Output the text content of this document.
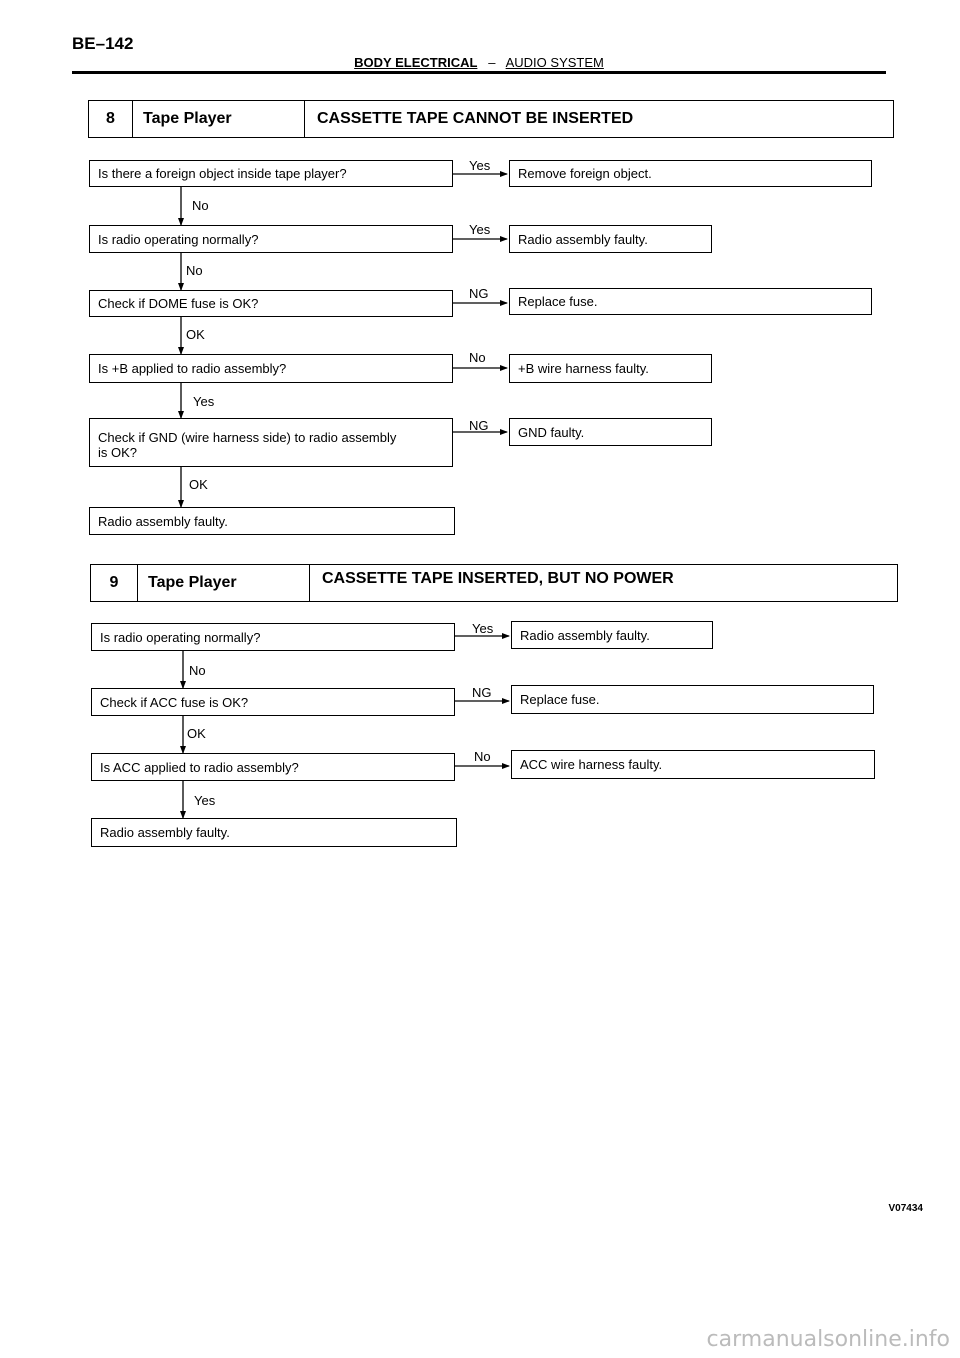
BE–142
BODY ELECTRICAL – AUDIO SYSTEM
8	Tape Player	CASSETTE TAPE CANNOT BE INSERTED
Is there a foreign object inside tape player?
Yes
Remove foreign object.
No
Is radio operating normally?
Yes
Radio assembly faulty.
No
Check if DOME fuse is OK?
NG
Replace fuse.
OK
Is +B applied to radio assembly?
No
+B wire harness faulty.
Yes
Check if GND (wire harness side) to radio assembly
is OK?
NG	GND faulty.
OK
Radio assembly faulty.
9	Tape Player	CASSETTE TAPE INSERTED, BUT NO POWER
Is radio operating normally?
Yes	Radio assembly faulty.
No
Check if ACC fuse is OK?
NG	Replace fuse.
OK
Is ACC applied to radio assembly?
No
ACC wire harness faulty.
Yes
Radio assembly faulty.
V07434
carmanualsonline.info
